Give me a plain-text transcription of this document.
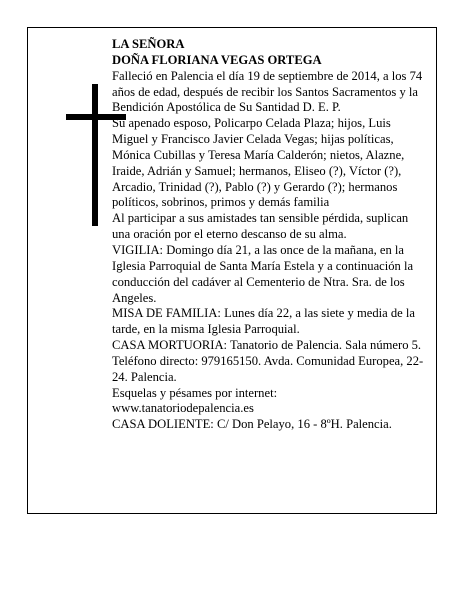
LA SEÑORA

DOÑA FLORIANA VEGAS ORTEGA

Falleció en Palencia el día 19 de septiembre de 2014, a los 74 años de edad, después de recibir los Santos Sacramentos y la Bendición Apostólica de Su Santidad D. E. P.

Su apenado esposo, Policarpo Celada Plaza; hijos, Luis Miguel y Francisco Javier Celada Vegas; hijas políticas, Mónica Cubillas y Teresa María Calderón; nietos, Alazne, Iraide, Adrián y Samuel; hermanos, Eliseo (?), Víctor (?), Arcadio, Trinidad (?), Pablo (?) y Gerardo (?); hermanos políticos, sobrinos, primos y demás familia

Al participar a sus amistades tan sensible pérdida, suplican una oración por el eterno descanso de su alma.

VIGILIA: Domingo día 21, a las once de la mañana, en la Iglesia Parroquial de Santa María Estela y a continuación la conducción del cadáver al Cementerio de Ntra. Sra. de los Angeles.

MISA DE FAMILIA: Lunes día 22, a las siete y media de la tarde, en la misma Iglesia Parroquial.

CASA MORTUORIA: Tanatorio de Palencia. Sala número 5. Teléfono directo: 979165150. Avda. Comunidad Europea, 22-24. Palencia.

Esquelas y pésames por internet:

www.tanatoriodepalencia.es

CASA DOLIENTE: C/ Don Pelayo, 16 - 8ºH. Palencia.
